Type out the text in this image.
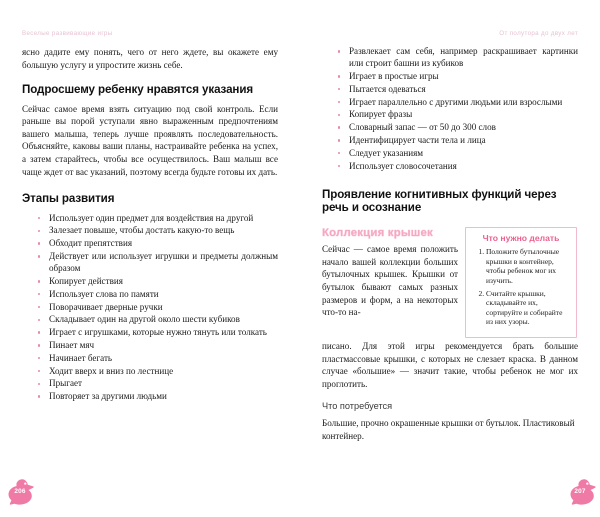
Веселые развивающие игры

ясно дадите ему понять, чего от него ждете, вы окажете ему большую услугу и упростите жизнь себе.

Подросшему ребенку нравятся указания

Сейчас самое время взять ситуацию под свой контроль. Если раньше вы порой уступали явно выраженным предпочтениям вашего малыша, теперь лучше проявлять последовательность. Объясняйте, каковы ваши планы, настраивайте ребенка на успех, а затем старайтесь, чтобы все осуществилось. Ваш малыш все чаще ждет от вас указаний, поэтому всегда будьте готовы их дать.

Этапы развития
Использует один предмет для воздействия на другой
Залезает повыше, чтобы достать какую-то вещь
Обходит препятствия
Действует или использует игрушки и предметы должным образом
Копирует действия
Использует слова по памяти
Поворачивает дверные ручки
Складывает один на другой около шести кубиков
Играет с игрушками, которые нужно тянуть или толкать
Пинает мяч
Начинает бегать
Ходит вверх и вниз по лестнице
Прыгает
Повторяет за другими людьми
206
От полутора до двух лет
Развлекает сам себя, например раскрашивает картинки или строит башни из кубиков
Играет в простые игры
Пытается одеваться
Играет параллельно с другими людьми или взрослыми
Копирует фразы
Словарный запас — от 50 до 300 слов
Идентифицирует части тела и лица
Следует указаниям
Использует словосочетания
Проявление когнитивных функций через речь и осознание
Коллекция крышек

Сейчас — самое время положить начало вашей коллекции больших бутылочных крышек. Крышки от бутылок бывают самых разных размеров и форм, а на некоторых что-то на-

Что нужно делать
1. Положите бутылочные крышки в контейнер, чтобы ребенок мог их изучить.
2. Считайте крышки, складывайте их, сортируйте и собирайте из них узоры.

писано. Для этой игры рекомендуется брать большие пластмассовые крышки, с которых не слезает краска. В данном случае «большие» — значит такие, чтобы ребенок не мог их проглотить.

Что потребуется

Большие, прочно окрашенные крышки от бутылок. Пластиковый контейнер.

207
